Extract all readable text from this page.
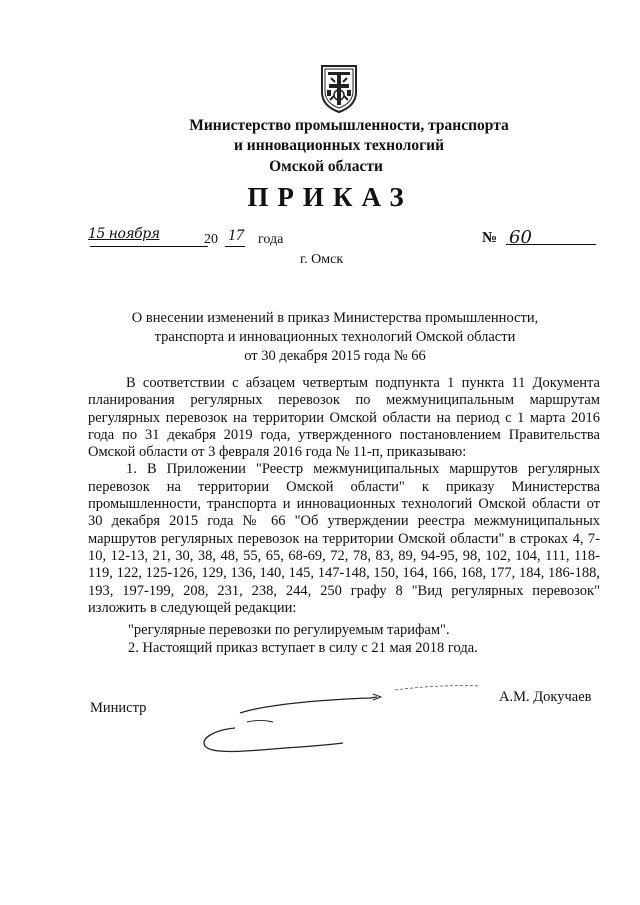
Министерство промышленности, транспорта
и инновационных технологий
Омской области
ПРИКАЗ
15 ноября	20 17 года	№ 60
г. Омск
О внесении изменений в приказ Министерства промышленности,
транспорта и инновационных технологий Омской области
от 30 декабря 2015 года № 66

В соответствии с абзацем четвертым подпункта 1 пункта 11 Документа планирования регулярных перевозок по межмуниципальным маршрутам регулярных перевозок на территории Омской области на период с 1 марта 2016 года по 31 декабря 2019 года, утвержденного постановлением Правительства Омской области от 3 февраля 2016 года № 11-п, приказываю:

1. В Приложении "Реестр межмуниципальных маршрутов регулярных перевозок на территории Омской области" к приказу Министерства промышленности, транспорта и инновационных технологий Омской области от 30 декабря 2015 года № 66 "Об утверждении реестра межмуниципальных маршрутов регулярных перевозок на территории Омской области" в строках 4, 7-10, 12-13, 21, 30, 38, 48, 55, 65, 68-69, 72, 78, 83, 89, 94-95, 98, 102, 104, 111, 118-119, 122, 125-126, 129, 136, 140, 145, 147-148, 150, 164, 166, 168, 177, 184, 186-188, 193, 197-199, 208, 231, 238, 244, 250 графу 8 "Вид регулярных перевозок" изложить в следующей редакции:

"регулярные перевозки по регулируемым тарифам".
2. Настоящий приказ вступает в силу с 21 мая 2018 года.
А.М. Докучаев
Министр
